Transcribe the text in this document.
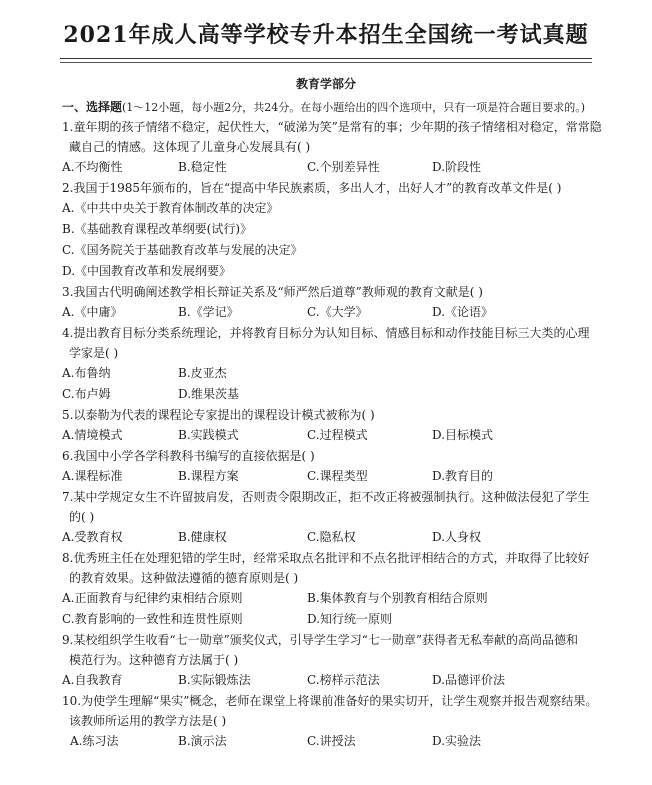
2021年成人高等学校专升本招生全国统一考试真题
教育学部分
一、选择题(1～12小题，每小题2分，共24分。在每小题给出的四个选项中，只有一项是符合题目要求的。)
1.童年期的孩子情绪不稳定，起伏性大，“破涕为笑”是常有的事；少年期的孩子情绪相对稳定，常常隐
藏自己的情感。这体现了儿童身心发展具有( )
A.不均衡性	B.稳定性	C.个别差异性	D.阶段性
2.我国于1985年颁布的，旨在“提高中华民族素质，多出人才，出好人才”的教育改革文件是( )
A.《中共中央关于教育体制改革的决定》
B.《基础教育课程改革纲要(试行)》
C.《国务院关于基础教育改革与发展的决定》
D.《中国教育改革和发展纲要》
3.我国古代明确阐述教学相长辩证关系及“师严然后道尊”教师观的教育文献是( )
A.《中庸》	B.《学记》	C.《大学》	D.《论语》
4.提出教育目标分类系统理论，并将教育目标分为认知目标、情感目标和动作技能目标三大类的心理
学家是( )
A.布鲁纳	B.皮亚杰
C.布卢姆	D.维果茨基
5.以泰勒为代表的课程论专家提出的课程设计模式被称为( )
A.情境模式	B.实践模式	C.过程模式	D.目标模式
6.我国中小学各学科教科书编写的直接依据是( )
A.课程标准	B.课程方案	C.课程类型	D.教育目的
7.某中学规定女生不许留披肩发，否则责令限期改正，拒不改正将被强制执行。这种做法侵犯了学生
的( )
A.受教育权	B.健康权	C.隐私权	D.人身权
8.优秀班主任在处理犯错的学生时，经常采取点名批评和不点名批评相结合的方式，并取得了比较好
的教育效果。这种做法遵循的德育原则是( )
A.正面教育与纪律约束相结合原则	B.集体教育与个别教育相结合原则
C.教育影响的一致性和连贯性原则	D.知行统一原则
9.某校组织学生收看“七一勋章”颁奖仪式，引导学生学习“七一勋章”获得者无私奉献的高尚品德和
模范行为。这种德育方法属于( )
A.自我教育	B.实际锻炼法	C.榜样示范法	D.品德评价法
10.为使学生理解“果实”概念，老师在课堂上将课前准备好的果实切开，让学生观察并报告观察结果。
该教师所运用的教学方法是( )
A.练习法	B.演示法	C.讲授法	D.实验法
